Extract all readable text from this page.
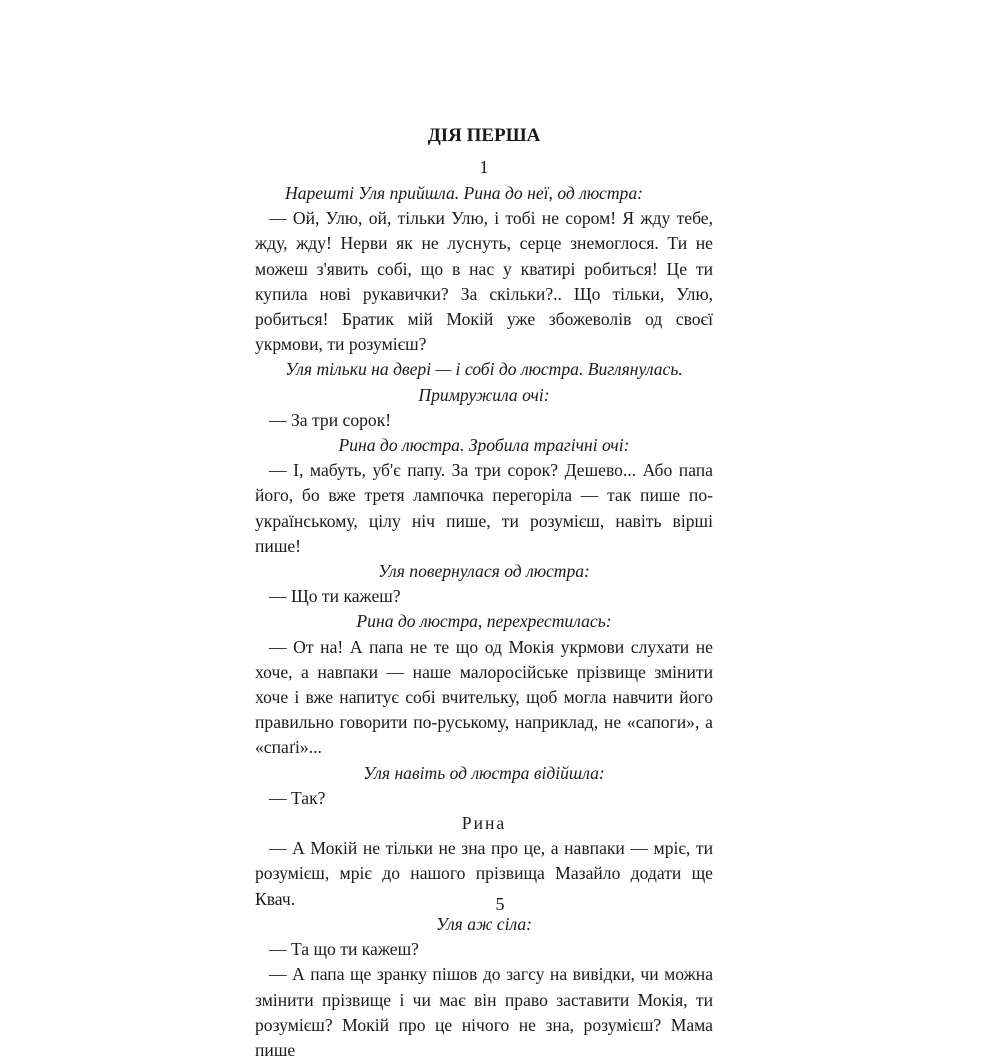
ДІЯ ПЕРША
1

Нарешті Уля прийшла. Рина до неї, од люстра:

— Ой, Улю, ой, тільки Улю, і тобі не сором! Я жду тебе, жду, жду! Нерви як не луснуть, серце знемоглося. Ти не можеш з'явить собі, що в нас у кватирі робиться! Це ти купила нові рукавички? За скільки?.. Що тільки, Улю, робиться! Братик мій Мокій уже збожеволів од своєї укрмови, ти розумієш?

Уля тільки на двері — і собі до люстра. Виглянулась.

Примружила очі:

— За три сорок!

Рина до люстра. Зробила трагічні очі:

— І, мабуть, уб'є папу. За три сорок? Дешево... Або папа його, бо вже третя лампочка перегоріла — так пише по-українському, цілу ніч пише, ти розумієш, навіть вірші пише!

Уля повернулася од люстра:

— Що ти кажеш?

Рина до люстра, перехрестилась:

— От на! А папа не те що од Мокія укрмови слухати не хоче, а навпаки — наше малоросійське прізвище змінити хоче і вже напитує собі вчительку, щоб могла навчити його правильно говорити по-руському, наприклад, не «сапоги», а «спаґі»...

Уля навіть од люстра відійшла:

— Так?

Рина

— А Мокій не тільки не зна про це, а навпаки — мріє, ти розумієш, мріє до нашого прізвища Мазайло додати ще Квач.

Уля аж сіла:

— Та що ти кажеш?

— А папа ще зранку пішов до загсу на вивідки, чи можна змінити прізвище і чи має він право заставити Мокія, ти розумієш? Мокій про це нічого не зна, розумієш? Мама пише

5
